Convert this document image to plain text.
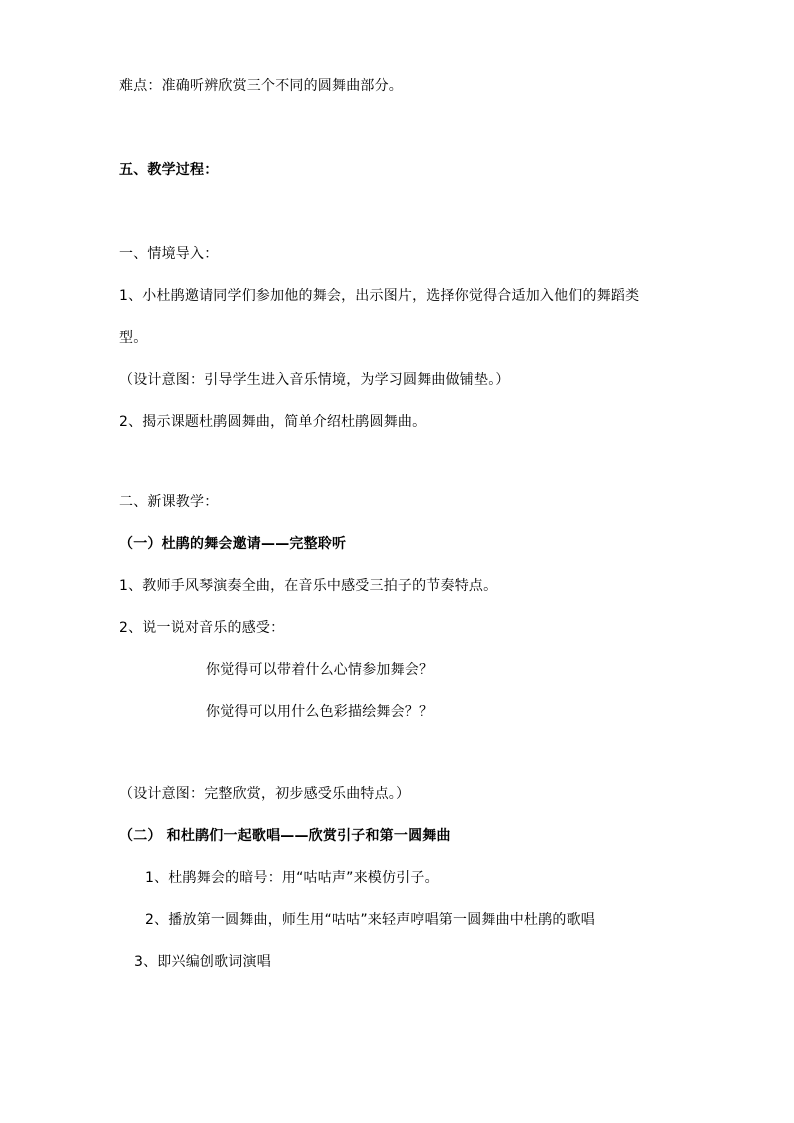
难点：准确听辨欣赏三个不同的圆舞曲部分。
五、教学过程：
一、情境导入：
1、小杜鹃邀请同学们参加他的舞会，出示图片，选择你觉得合适加入他们的舞蹈类
型。
（设计意图：引导学生进入音乐情境，为学习圆舞曲做铺垫。）
2、揭示课题杜鹃圆舞曲，简单介绍杜鹃圆舞曲。
二、新课教学：
（一）杜鹃的舞会邀请——完整聆听
1、教师手风琴演奏全曲，在音乐中感受三拍子的节奏特点。
2、说一说对音乐的感受：
你觉得可以带着什么心情参加舞会？
你觉得可以用什么色彩描绘舞会？？
（设计意图：完整欣赏，初步感受乐曲特点。）
（二） 和杜鹃们一起歌唱——欣赏引子和第一圆舞曲
1、杜鹃舞会的暗号：用“咕咕声”来模仿引子。
2、播放第一圆舞曲，师生用“咕咕”来轻声哼唱第一圆舞曲中杜鹃的歌唱
3、即兴编创歌词演唱
